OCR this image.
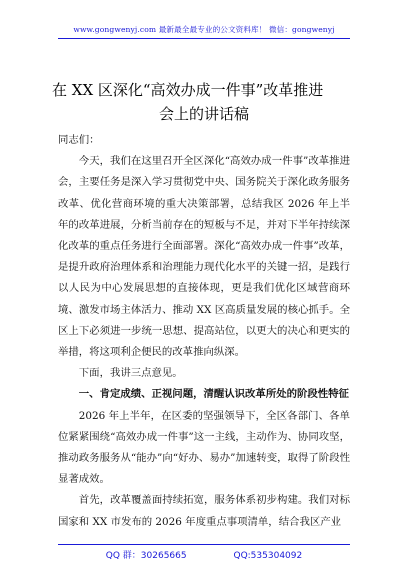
www.gongwenyj.com 最新最全最专业的公文资料库！ 微信：gongwenyj
在 XX 区深化“高效办成一件事”改革推进
会上的讲话稿

同志们：

今天，我们在这里召开全区深化“高效办成一件事”改革推进会，主要任务是深入学习贯彻党中央、国务院关于深化政务服务改革、优化营商环境的重大决策部署，总结我区 2026 年上半年的改革进展，分析当前存在的短板与不足，并对下半年持续深化改革的重点任务进行全面部署。深化“高效办成一件事”改革，是提升政府治理体系和治理能力现代化水平的关键一招，是践行以人民为中心发展思想的直接体现，更是我们优化区域营商环境、激发市场主体活力、推动 XX 区高质量发展的核心抓手。全区上下必须进一步统一思想、提高站位，以更大的决心和更实的举措，将这项利企便民的改革推向纵深。

下面，我讲三点意见。

一、肯定成绩、正视问题，清醒认识改革所处的阶段性特征

2026 年上半年，在区委的坚强领导下，全区各部门、各单位紧紧围绕“高效办成一件事”这一主线，主动作为、协同攻坚，推动政务服务从“能办”向“好办、易办”加速转变，取得了阶段性显著成效。

首先，改革覆盖面持续拓宽，服务体系初步构建。我们对标国家和 XX 市发布的 2026 年度重点事项清单，结合我区产业

QQ 群：30265665	QQ:535304092
